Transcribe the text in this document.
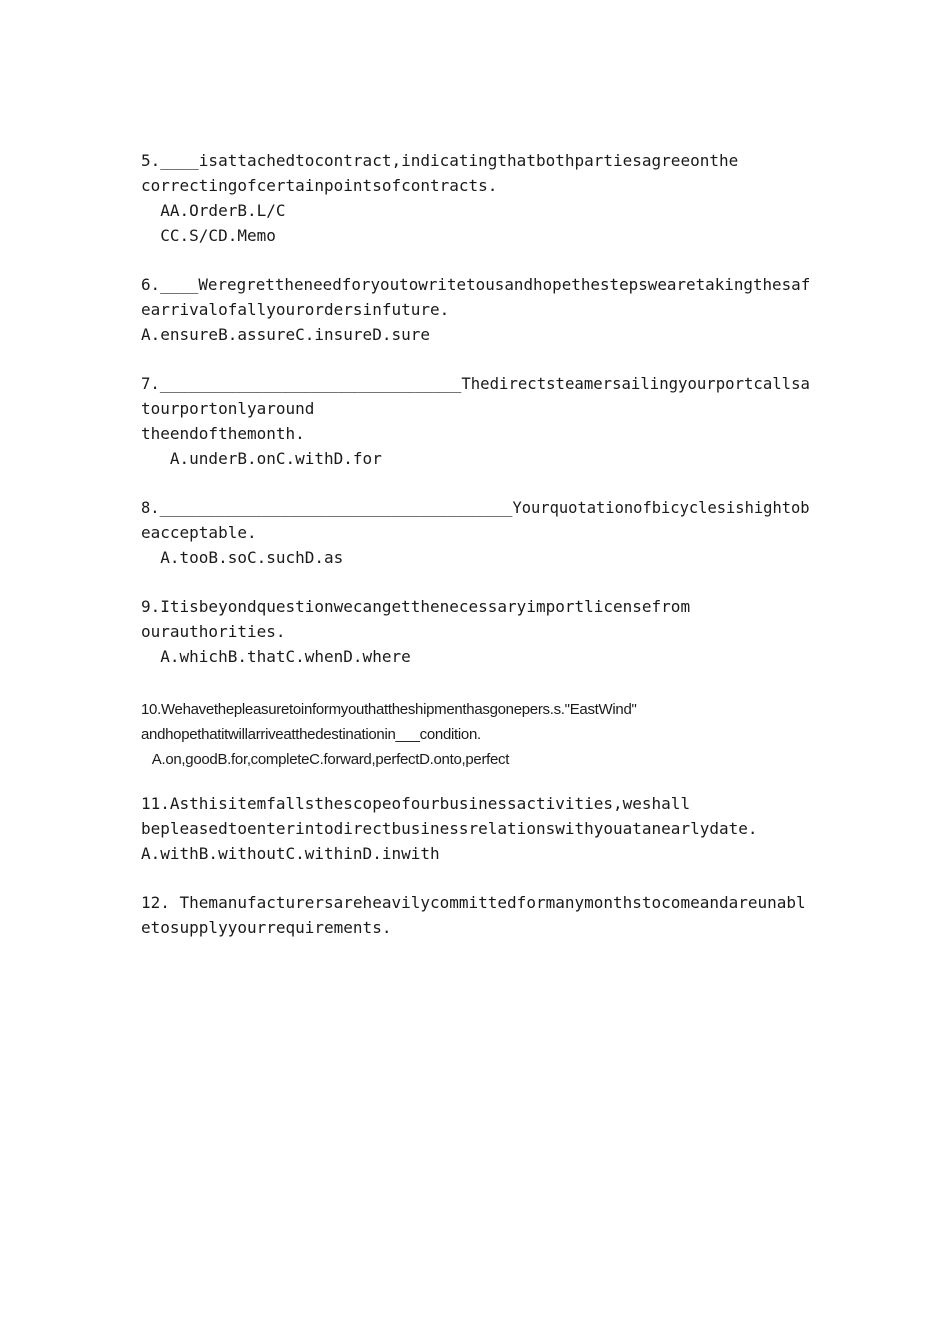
5.____isattachedtocontract,indicatingthatbothpartiesagreeonthe
correctingofcertainpointsofcontracts.
AA.OrderB.L/C
CC.S/CD.Memo
6.____Weregrettheneedforyoutowritetousandhopethestepswearetakingthesaf
earrivalofallyourordersinfuture.
A.ensureB.assureC.insureD.sure
7.________________________________Thedirectsteamersailingyourportcallsa
tourportonlyaround
theendofthemonth.
A.underB.onC.withD.for
8.______________________________________Yourquotationofbicyclesishightob
eacceptable.
A.tooB.soC.suchD.as
9.Itisbeyondquestionwecangetthenecessaryimportlicensefrom
ourauthorities.
A.whichB.thatC.whenD.where
10.Wehavethepleasuretoinformyouthattheshipmenthasgonepers.s."EastWind"
andhopethatitwillarriveatthedestinationin___condition.
A.on,goodB.for,completeC.forward,perfectD.onto,perfect
11.Asthisitemfallsthescopeofourbusinessactivities,weshall
bepleasedtoenterintodirectbusinessrelationswithyouatanearlydate.
A.withB.withoutC.withinD.inwith
12. Themanufacturersareheavilycommittedformanymonthstocomeandareunabl
etosupplyyourrequirements.
